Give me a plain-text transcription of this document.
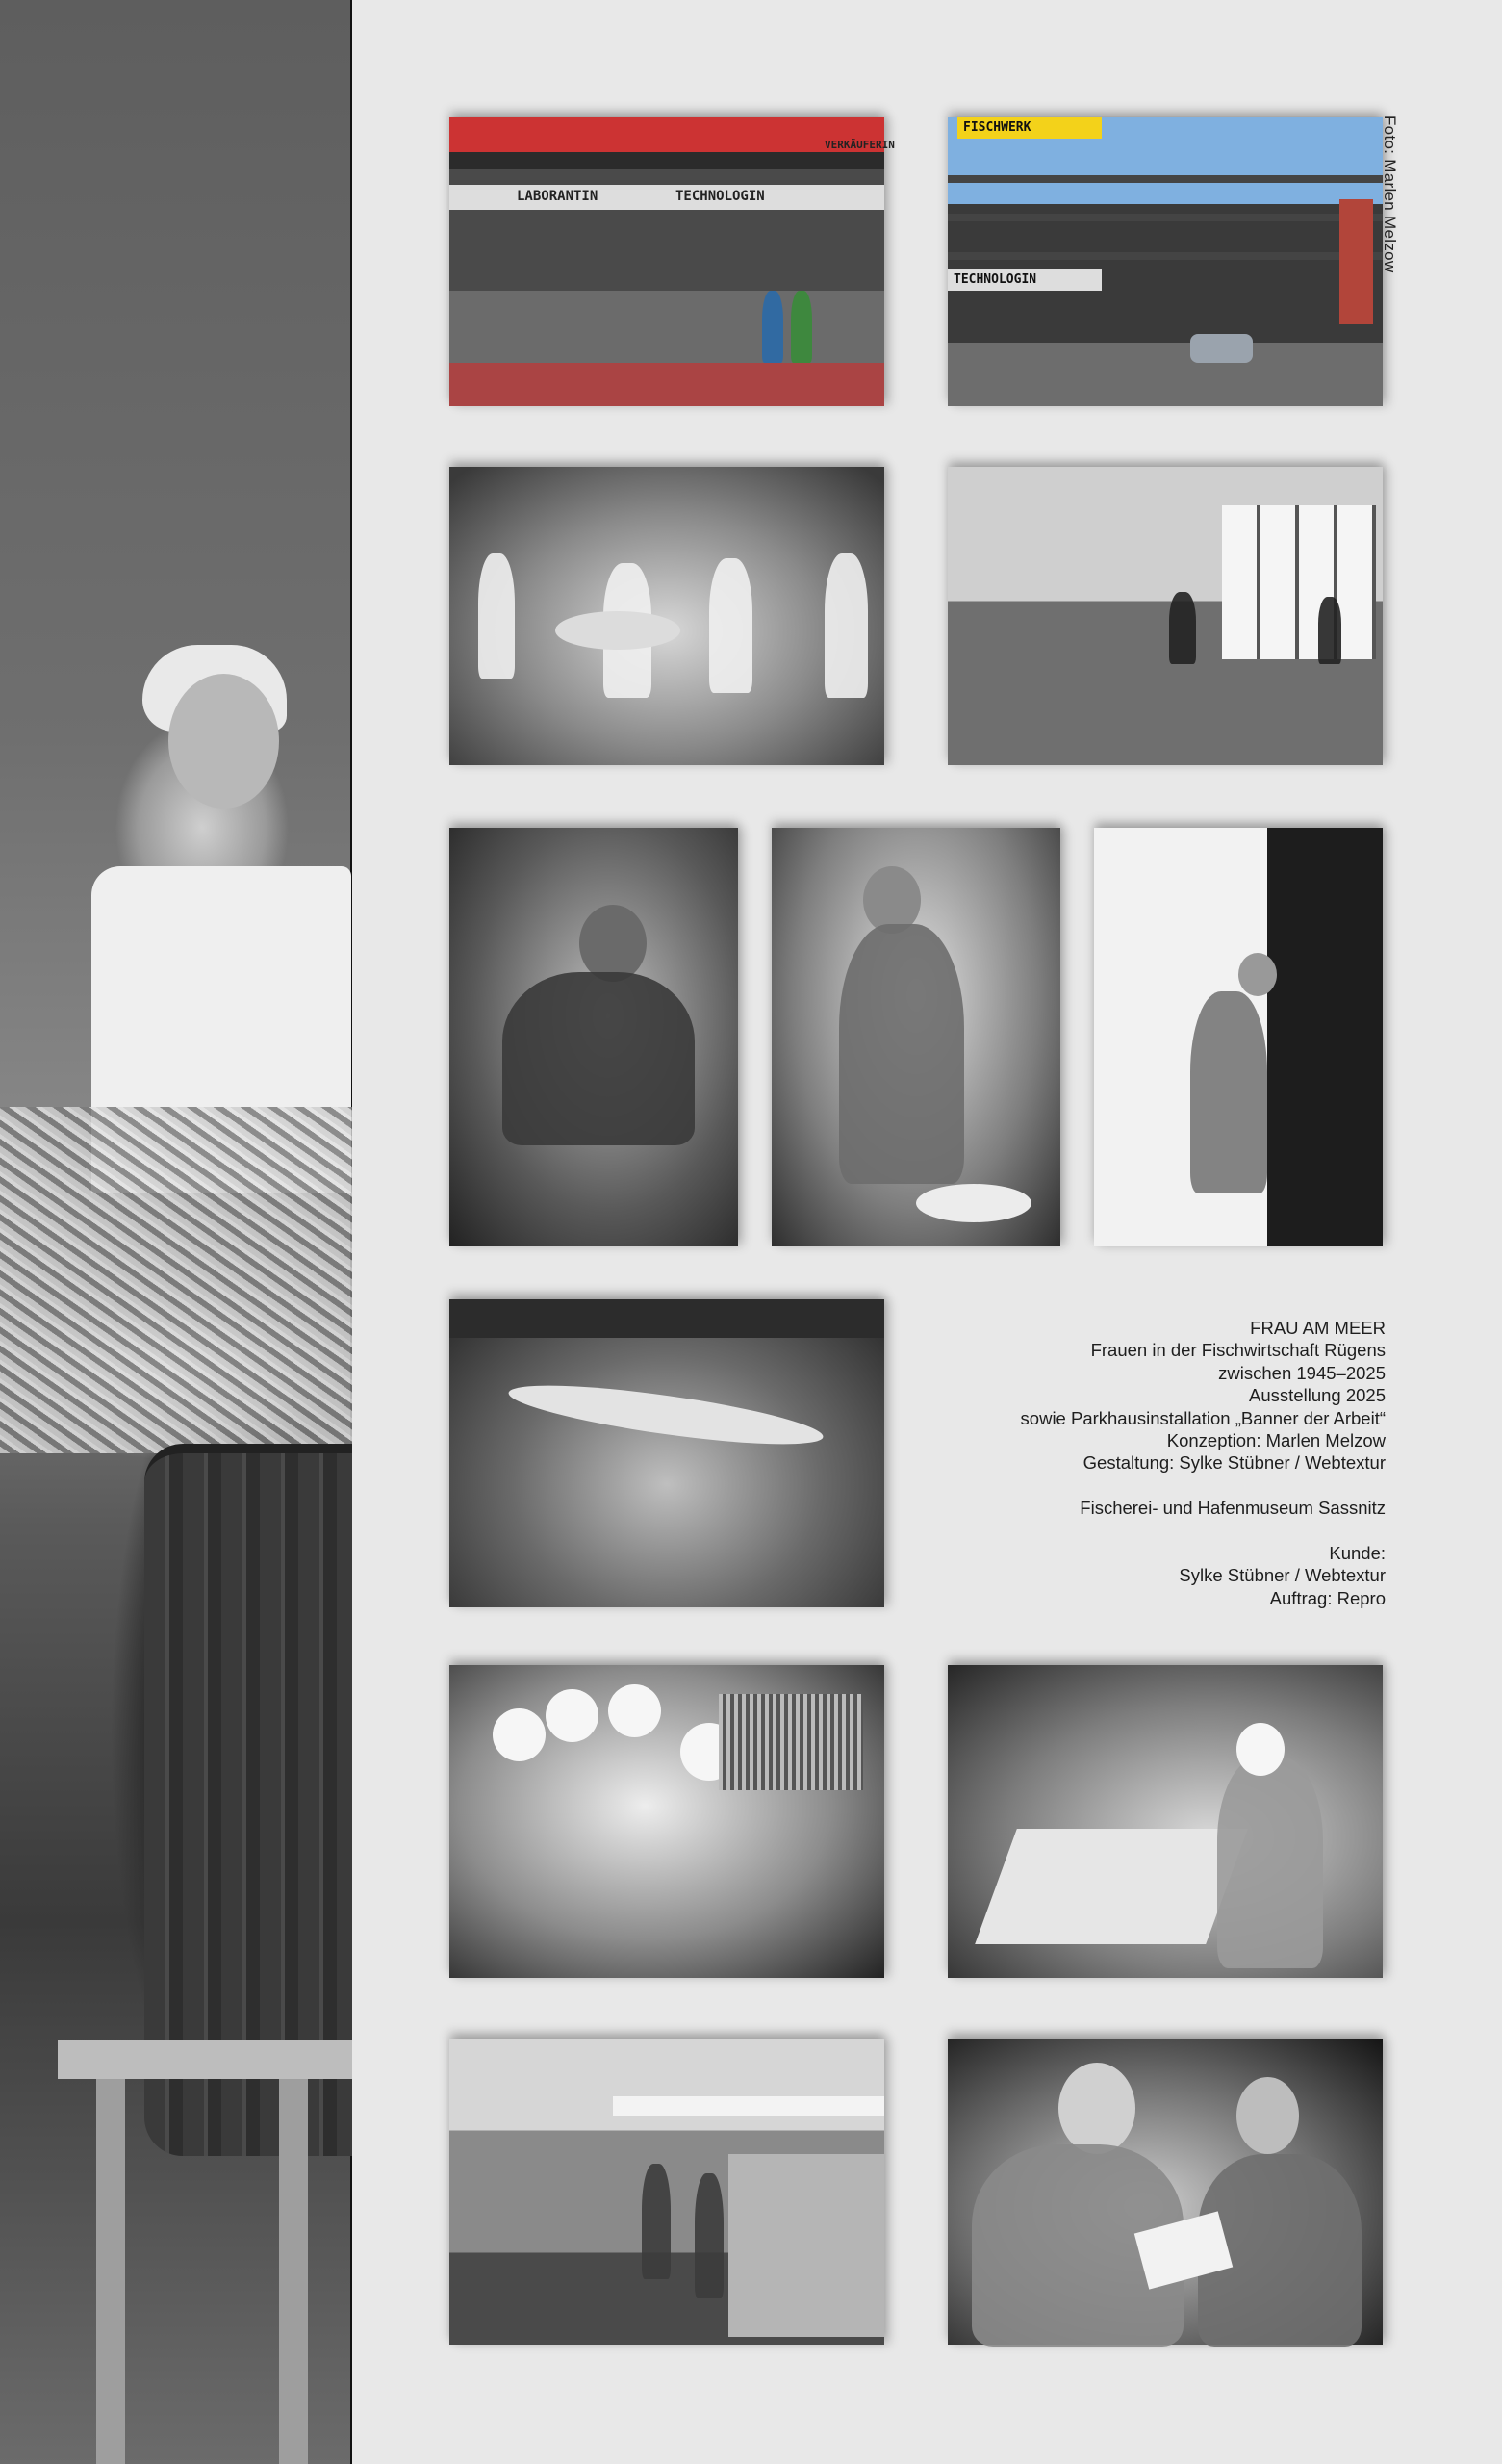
LABORANTIN	TECHNOLOGIN
VERKÄUFERIN
FISCHWERK
TECHNOLOGIN
FRAU AM MEER
Frauen in der Fischwirtschaft Rügens
zwischen 1945–2025
Ausstellung 2025
sowie Parkhausinstallation „Banner der Arbeit“
Konzeption: Marlen Melzow
Gestaltung: Sylke Stübner / Webtextur
Fischerei- und Hafenmuseum Sassnitz
Kunde:
Sylke Stübner / Webtextur
Auftrag: Repro
Foto: Marlen Melzow
